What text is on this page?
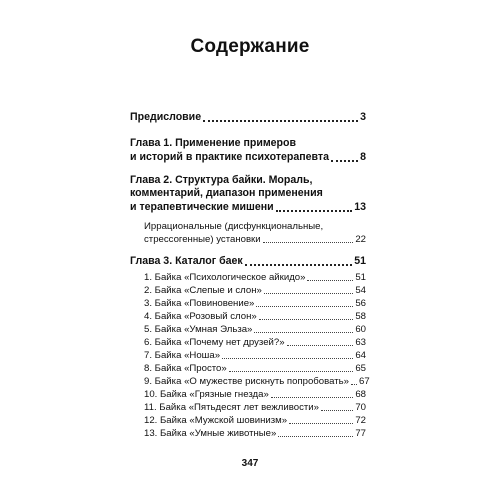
Содержание
Предисловие	3
Глава 1. Применение примеров
и историй в практике психотерапевта	8
Глава 2. Структура байки. Мораль,
комментарий, диапазон применения
и терапевтические мишени	13
Иррациональные (дисфункциональные,
стрессогенные) установки	22
Глава 3. Каталог баек	51
1. Байка «Психологическое айкидо»	51
2. Байка «Слепые и слон»	54
3. Байка «Повиновение»	56
4. Байка «Розовый слон»	58
5. Байка «Умная Эльза»	60
6. Байка «Почему нет друзей?»	63
7. Байка «Ноша»	64
8. Байка «Просто»	65
9. Байка «О мужестве рискнуть попробовать» 67
10. Байка «Грязные гнезда»	68
11. Байка «Пятьдесят лет вежливости»	70
12. Байка «Мужской шовинизм»	72
13. Байка «Умные животные»	77
347
